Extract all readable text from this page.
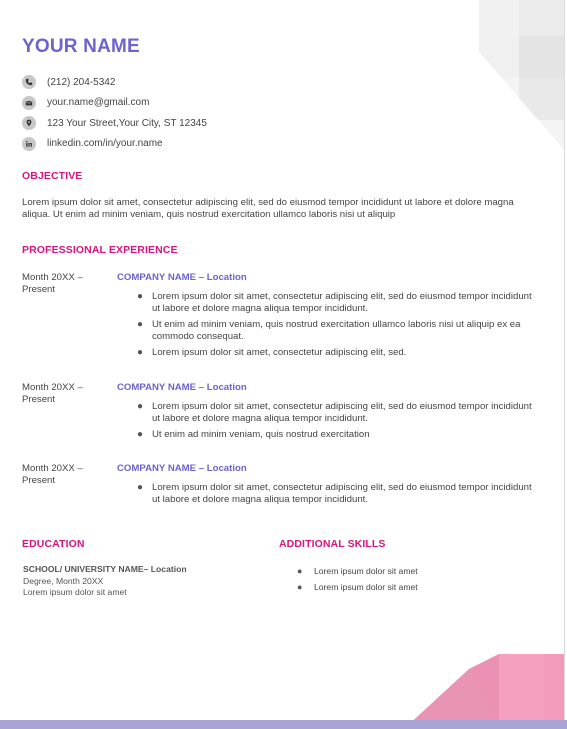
YOUR NAME
(212) 204-5342
your.name@gmail.com
123 Your Street,Your City, ST 12345
linkedin.com/in/your.name
OBJECTIVE

Lorem ipsum dolor sit amet, consectetur adipiscing elit, sed do eiusmod tempor incididunt ut labore et dolore magna aliqua. Ut enim ad minim veniam, quis nostrud exercitation ullamco laboris nisi ut aliquip

PROFESSIONAL EXPERIENCE
Month 20XX – Present
COMPANY NAME – Location
● Lorem ipsum dolor sit amet, consectetur adipiscing elit, sed do eiusmod tempor incididunt ut labore et dolore magna aliqua tempor incididunt.
● Ut enim ad minim veniam, quis nostrud exercitation ullamco laboris nisi ut aliquip ex ea commodo consequat.
● Lorem ipsum dolor sit amet, consectetur adipiscing elit, sed.
Month 20XX – Present
COMPANY NAME – Location
● Lorem ipsum dolor sit amet, consectetur adipiscing elit, sed do eiusmod tempor incididunt ut labore et dolore magna aliqua tempor incididunt.
● Ut enim ad minim veniam, quis nostrud exercitation
Month 20XX – Present
COMPANY NAME – Location
● Lorem ipsum dolor sit amet, consectetur adipiscing elit, sed do eiusmod tempor incididunt ut labore et dolore magna aliqua tempor incididunt.
EDUCATION
SCHOOL/ UNIVERSITY NAME– Location
Degree, Month 20XX
Lorem ipsum dolor sit amet
ADDITIONAL SKILLS
● Lorem ipsum dolor sit amet
● Lorem ipsum dolor sit amet
